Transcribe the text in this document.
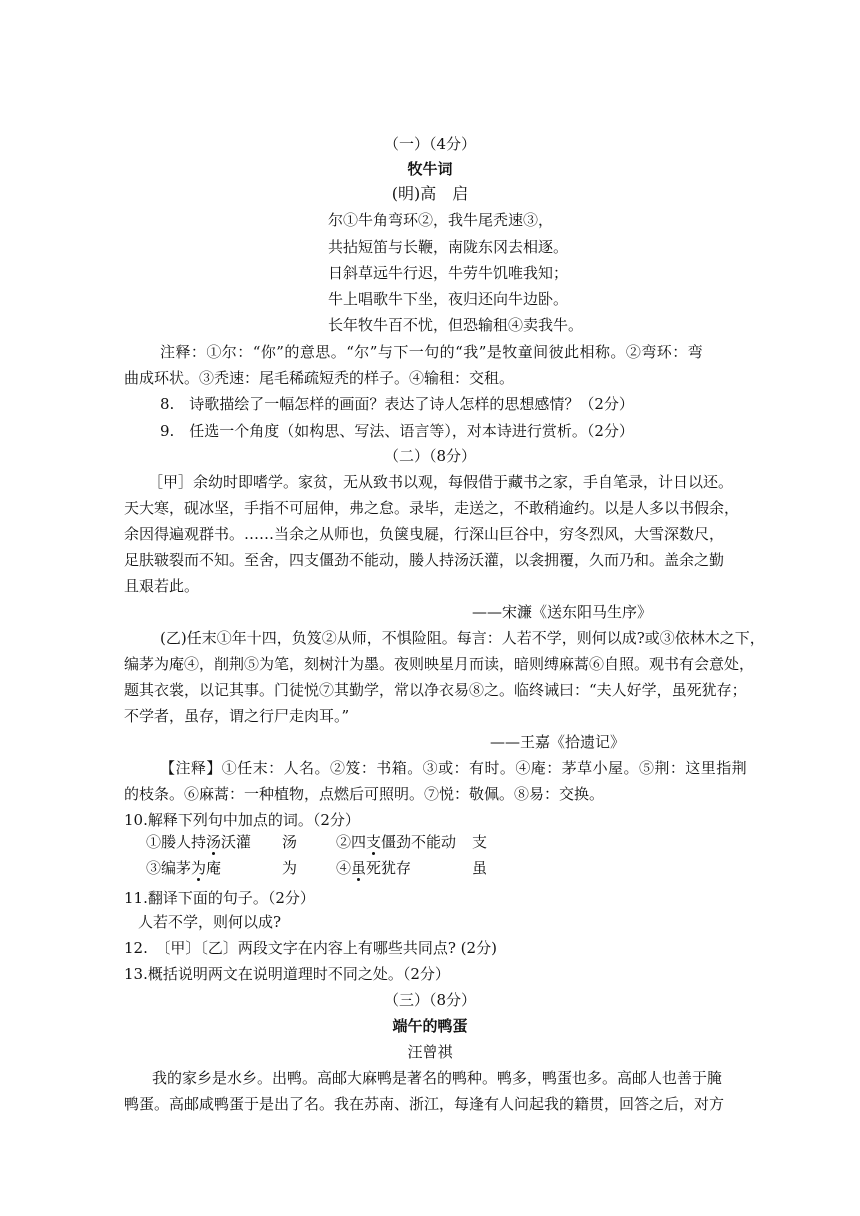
（一）（4分）
牧牛词
(明)高　启
尔①牛角弯环②，我牛尾秃速③，
共拈短笛与长鞭，南陇东冈去相逐。
日斜草远牛行迟，牛劳牛饥唯我知；
牛上唱歌牛下坐，夜归还向牛边卧。
长年牧牛百不忧，但恐输租④卖我牛。
注释：①尔：“你”的意思。“尔”与下一句的“我”是牧童间彼此相称。②弯环：弯
曲成环状。③秃速：尾毛稀疏短秃的样子。④输租：交租。
8.　诗歌描绘了一幅怎样的画面？表达了诗人怎样的思想感情？（2分）
9.　任选一个角度（如构思、写法、语言等），对本诗进行赏析。（2分）
（二）（8分）
［甲］余幼时即嗜学。家贫，无从致书以观，每假借于藏书之家，手自笔录，计日以还。
天大寒，砚冰坚，手指不可屈伸，弗之怠。录毕，走送之，不敢稍逾约。以是人多以书假余，
余因得遍观群书。……当余之从师也，负箧曳屣，行深山巨谷中，穷冬烈风，大雪深数尺，
足肤皲裂而不知。至舍，四支僵劲不能动，媵人持汤沃灌，以衾拥覆，久而乃和。盖余之勤
且艰若此。
——宋濂《送东阳马生序》
(乙)任末①年十四，负笈②从师，不惧险阻。每言：人若不学，则何以成?或③依林木之下，
编茅为庵④，削荆⑤为笔，刻树汁为墨。夜则映星月而读，暗则缚麻蒿⑥自照。观书有会意处，
题其衣裳，以记其事。门徒悦⑦其勤学，常以净衣易⑧之。临终诫曰：“夫人好学，虽死犹存；
不学者，虽存，谓之行尸走肉耳。”
——王嘉《拾遗记》
【注释】①任末：人名。②笈：书箱。③或：有时。④庵：茅草小屋。⑤荆：这里指荆
的枝条。⑥麻蒿：一种植物，点燃后可照明。⑦悦：敬佩。⑧易：交换。
10.解释下列句中加点的词。（2分）
①媵人持汤沃灌 汤	②四支僵劲不能动 支
③编茅为庵	为	④虽死犹存	虽
11.翻译下面的句子。（2分）
人若不学，则何以成?
12.　〔甲〕〔乙〕两段文字在内容上有哪些共同点? (2分)
13.概括说明两文在说明道理时不同之处。（2分）
（三）（8分）
端午的鸭蛋
汪曾祺
我的家乡是水乡。出鸭。高邮大麻鸭是著名的鸭种。鸭多，鸭蛋也多。高邮人也善于腌
鸭蛋。高邮咸鸭蛋于是出了名。我在苏南、浙江，每逢有人问起我的籍贯，回答之后，对方
